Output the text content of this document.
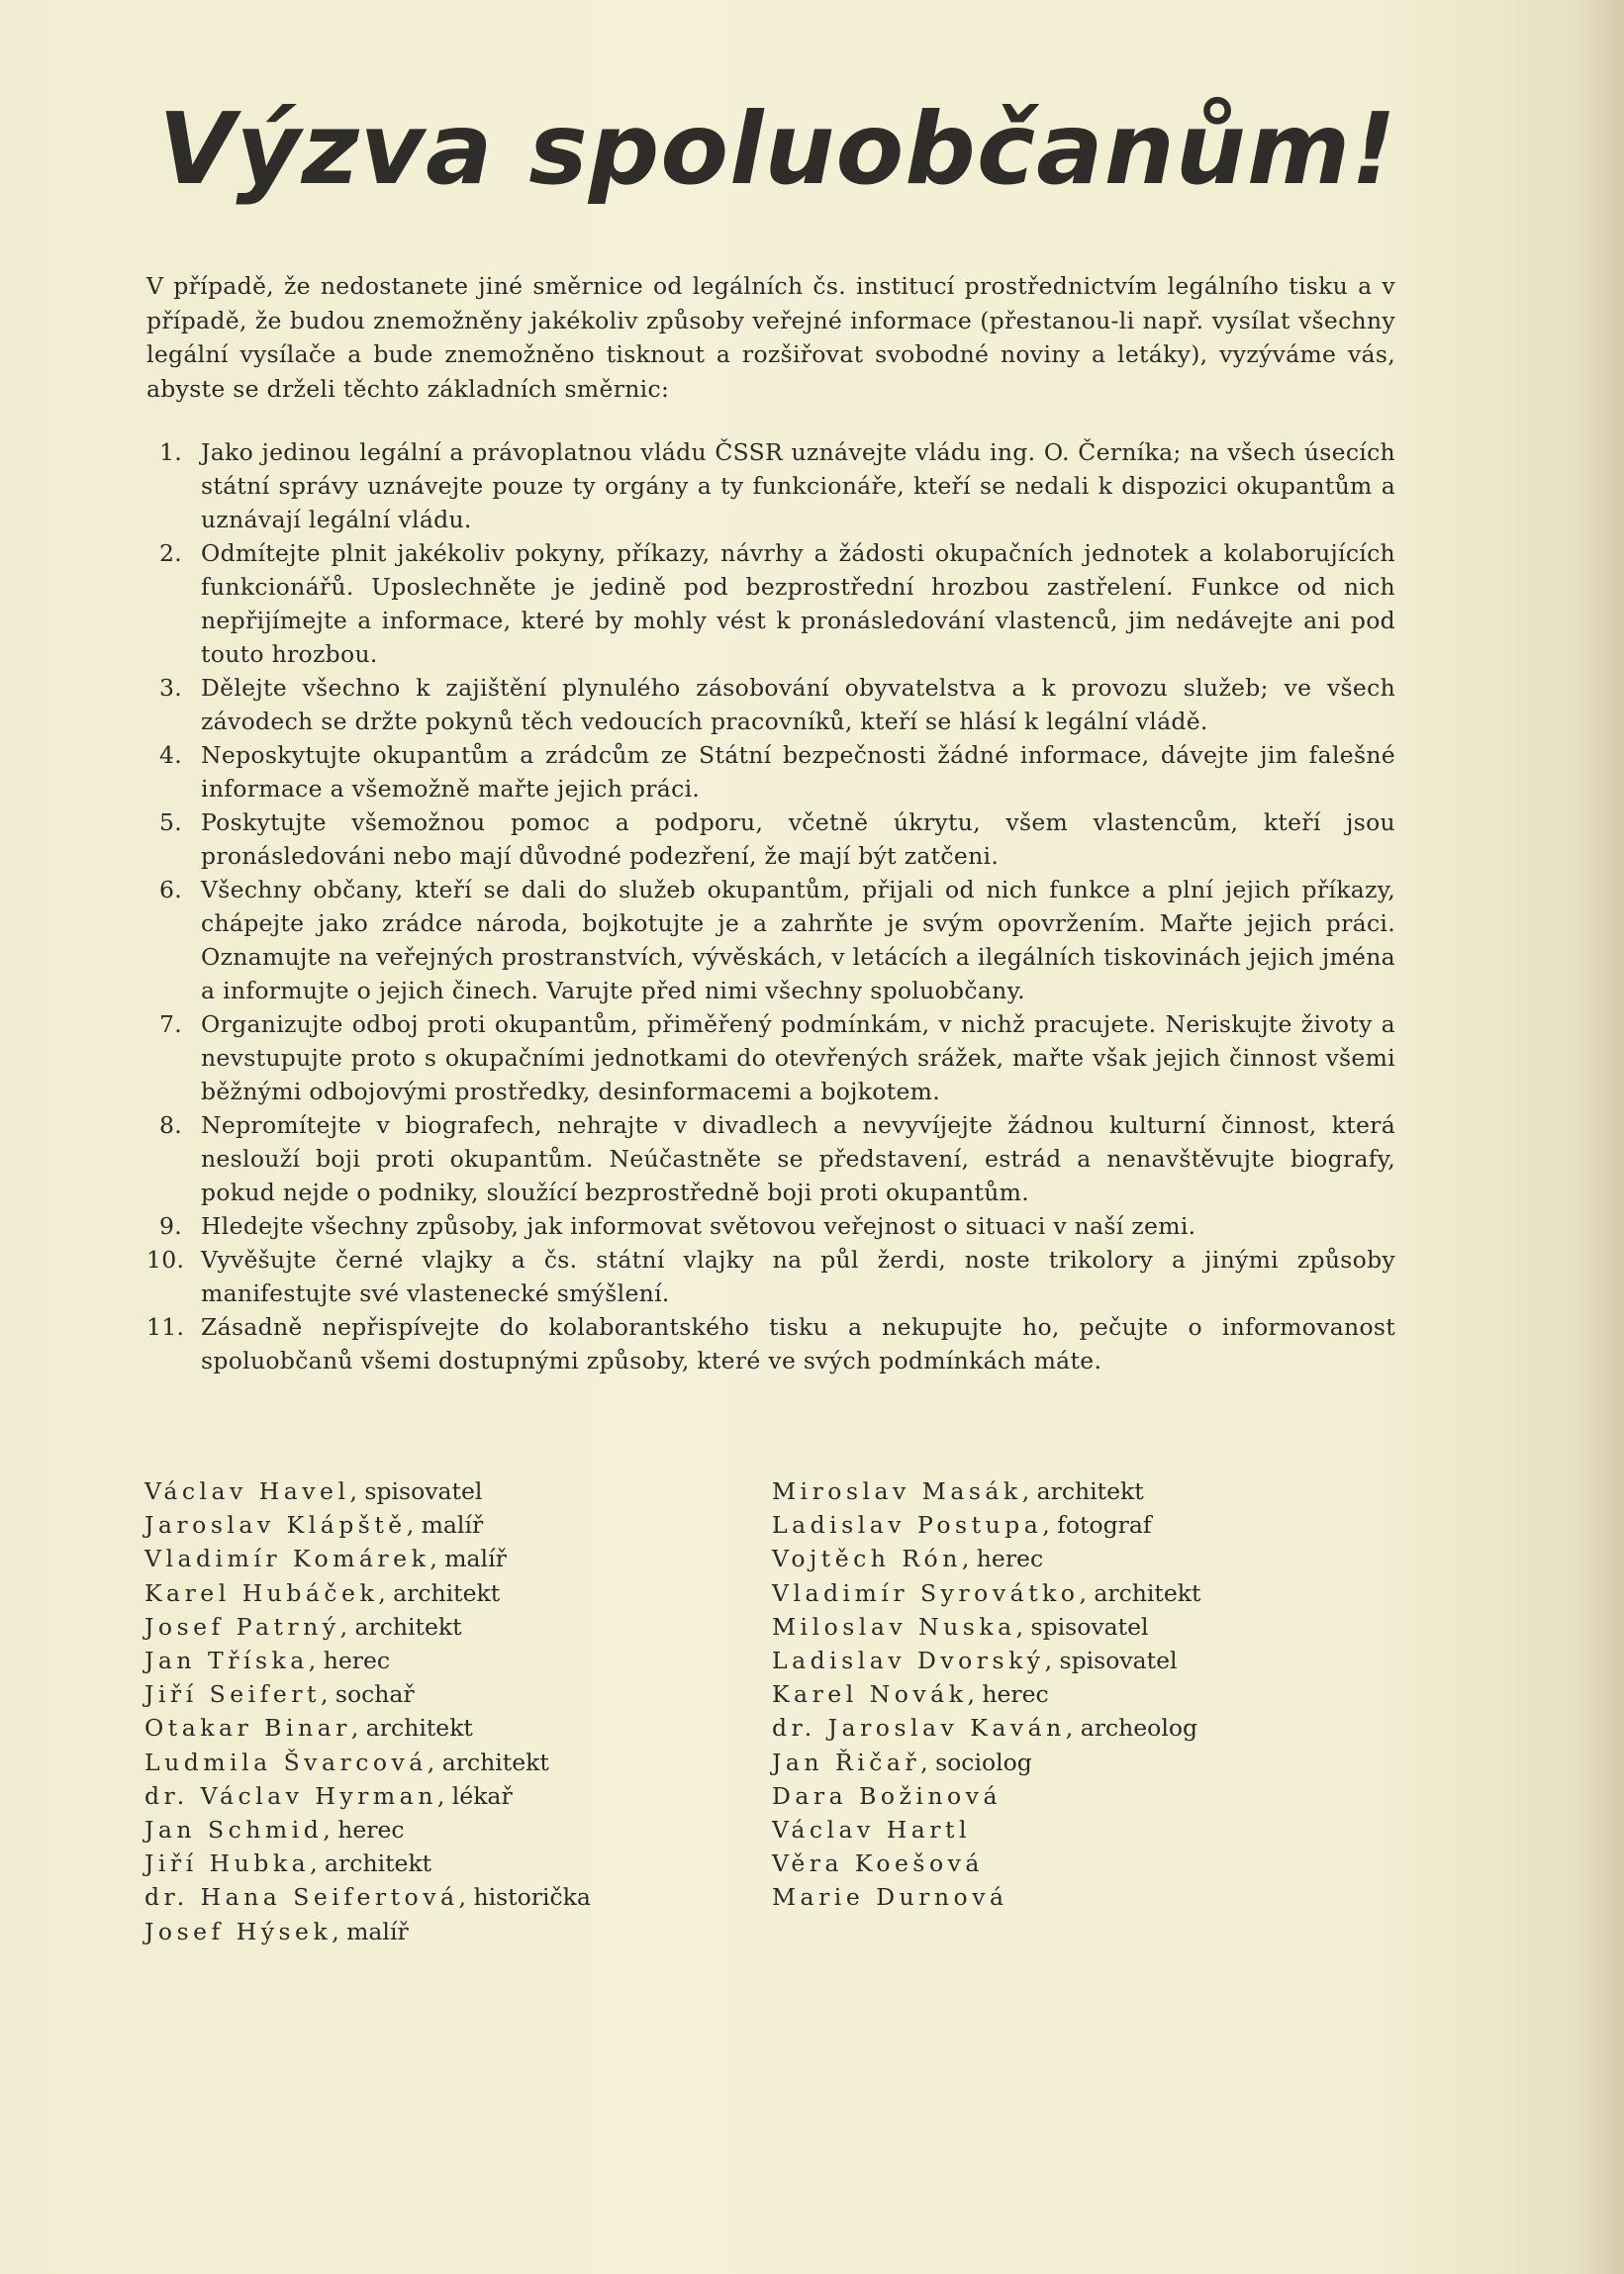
Výzva spoluobčanům!

V případě, že nedostanete jiné směrnice od legálních čs. institucí prostřednictvím legálního tisku a v případě, že budou znemožněny jakékoliv způsoby veřejné informace (přestanou-li např. vysílat všechny legální vysílače a bude znemožněno tisknout a rozšiřovat svobodné noviny a letáky), vyzýváme vás, abyste se drželi těchto základních směrnic:

1. Jako jedinou legální a právoplatnou vládu ČSSR uznávejte vládu ing. O. Černíka; na všech úsecích státní správy uznávejte pouze ty orgány a ty funkcionáře, kteří se nedali k dispozici okupantům a uznávají legální vládu.
2. Odmítejte plnit jakékoliv pokyny, příkazy, návrhy a žádosti okupačních jednotek a kolaborujících funkcionářů. Uposlechněte je jedině pod bezprostřední hrozbou zastřelení. Funkce od nich nepřijímejte a informace, které by mohly vést k pronásledování vlastenců, jim nedávejte ani pod touto hrozbou.
3. Dělejte všechno k zajištění plynulého zásobování obyvatelstva a k provozu služeb; ve všech závodech se držte pokynů těch vedoucích pracovníků, kteří se hlásí k legální vládě.
4. Neposkytujte okupantům a zrádcům ze Státní bezpečnosti žádné informace, dávejte jim falešné informace a všemožně mařte jejich práci.
5. Poskytujte všemožnou pomoc a podporu, včetně úkrytu, všem vlastencům, kteří jsou pronásledováni nebo mají důvodné podezření, že mají být zatčeni.
6. Všechny občany, kteří se dali do služeb okupantům, přijali od nich funkce a plní jejich příkazy, chápejte jako zrádce národa, bojkotujte je a zahrňte je svým opovržením. Mařte jejich práci. Oznamujte na veřejných prostranstvích, vývěskách, v letácích a ilegálních tiskovinách jejich jména a informujte o jejich činech. Varujte před nimi všechny spoluobčany.
7. Organizujte odboj proti okupantům, přiměřený podmínkám, v nichž pracujete. Neriskujte životy a nevstupujte proto s okupačními jednotkami do otevřených srážek, mařte však jejich činnost všemi běžnými odbojovými prostředky, desinformacemi a bojkotem.
8. Nepromítejte v biografech, nehrajte v divadlech a nevyvíjejte žádnou kulturní činnost, která neslouží boji proti okupantům. Neúčastněte se představení, estrád a nenavštěvujte biografy, pokud nejde o podniky, sloužící bezprostředně boji proti okupantům.
9. Hledejte všechny způsoby, jak informovat světovou veřejnost o situaci v naší zemi.
10. Vyvěšujte černé vlajky a čs. státní vlajky na půl žerdi, noste trikolory a jinými způsoby manifestujte své vlastenecké smýšlení.
11. Zásadně nepřispívejte do kolaborantského tisku a nekupujte ho, pečujte o informovanost spoluobčanů všemi dostupnými způsoby, které ve svých podmínkách máte.
Václav Havel, spisovatel
Jaroslav Klápště, malíř
Vladimír Komárek, malíř
Karel Hubáček, architekt
Josef Patrný, architekt
Jan Tříska, herec
Jiří Seifert, sochař
Otakar Binar, architekt
Ludmila Švarcová, architekt
dr. Václav Hyrman, lékař
Jan Schmid, herec
Jiří Hubka, architekt
dr. Hana Seifertová, historička
Josef Hýsek, malíř
Miroslav Masák, architekt
Ladislav Postupa, fotograf
Vojtěch Rón, herec
Vladimír Syrovátko, architekt
Miloslav Nuska, spisovatel
Ladislav Dvorský, spisovatel
Karel Novák, herec
dr. Jaroslav Kaván, archeolog
Jan Řičař, sociolog
Dara Božinová
Václav Hartl
Věra Koešová
Marie Durnová
